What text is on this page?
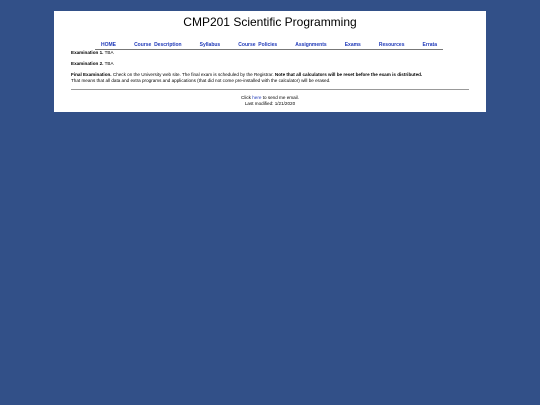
CMP201 Scientific Programming
HOME	Course  Description	Syllabus	Course  Policies	Assignments	Exams	Resources	Errata
Examination 1. TBA
Examination 2. TBA
Final Examination. Check on the University web site. The final exam is scheduled by the Registrar. Note that all calculators will be reset before the exam is distributed.
That means that all data and extra programs and applications (that did not come pre-installed with the calculator) will be erased.
Click here to send me email.
Last modified: 1/21/2020
